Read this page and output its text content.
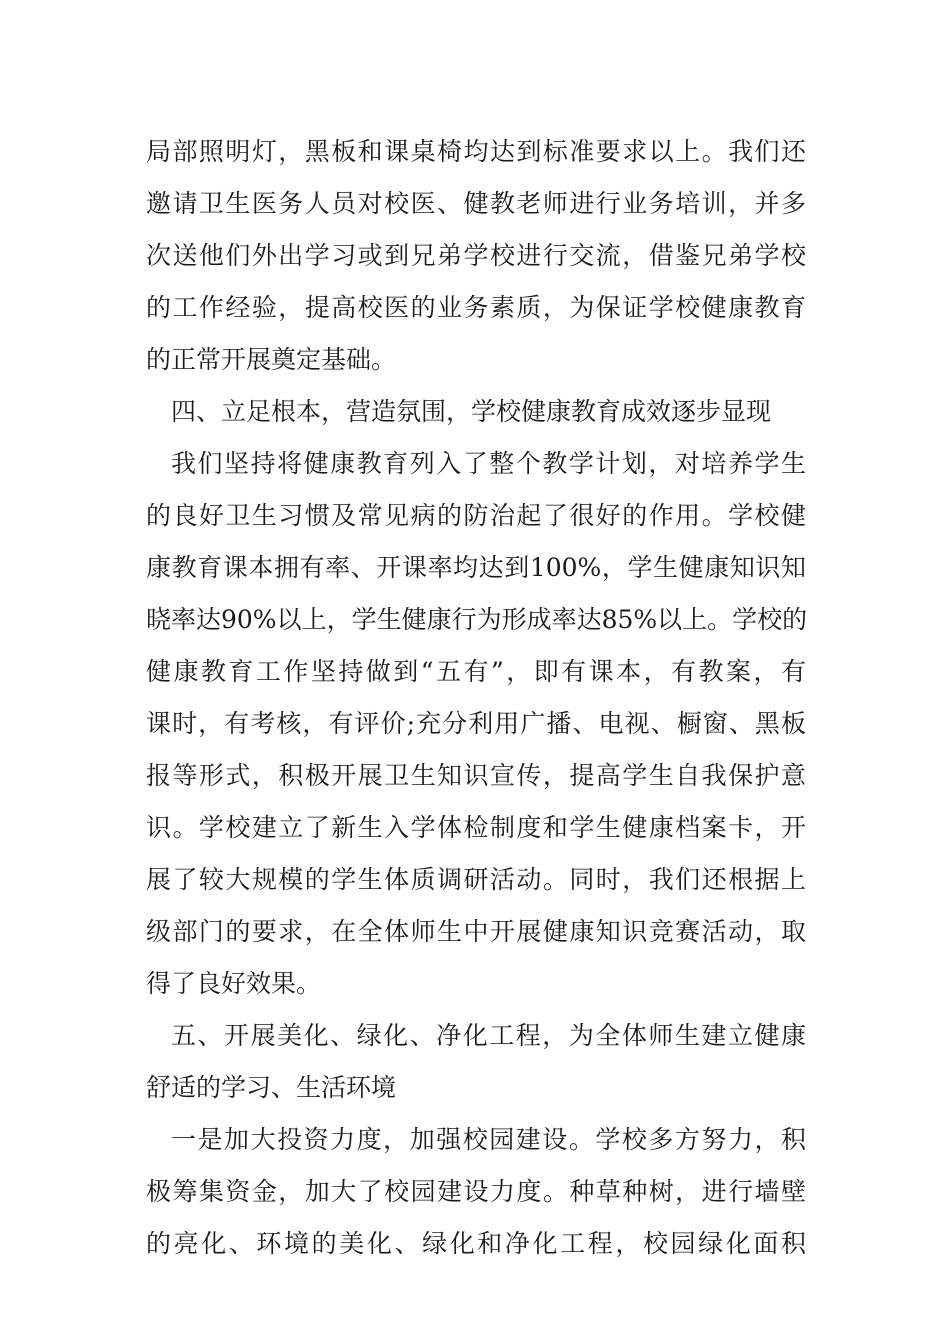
局部照明灯，黑板和课桌椅均达到标准要求以上。我们还
邀请卫生医务人员对校医、健教老师进行业务培训，并多
次送他们外出学习或到兄弟学校进行交流，借鉴兄弟学校
的工作经验，提高校医的业务素质，为保证学校健康教育
的正常开展奠定基础。
四、立足根本，营造氛围，学校健康教育成效逐步显现
我们坚持将健康教育列入了整个教学计划，对培养学生
的良好卫生习惯及常见病的防治起了很好的作用。学校健
康教育课本拥有率、开课率均达到100%，学生健康知识知
晓率达90%以上，学生健康行为形成率达85%以上。学校的
健康教育工作坚持做到“五有”，即有课本，有教案，有
课时，有考核，有评价;充分利用广播、电视、橱窗、黑板
报等形式，积极开展卫生知识宣传，提高学生自我保护意
识。学校建立了新生入学体检制度和学生健康档案卡，开
展了较大规模的学生体质调研活动。同时，我们还根据上
级部门的要求，在全体师生中开展健康知识竞赛活动，取
得了良好效果。
五、开展美化、绿化、净化工程，为全体师生建立健康
舒适的学习、生活环境
一是加大投资力度，加强校园建设。学校多方努力，积
极筹集资金，加大了校园建设力度。种草种树，进行墙壁
的亮化、环境的美化、绿化和净化工程，校园绿化面积
